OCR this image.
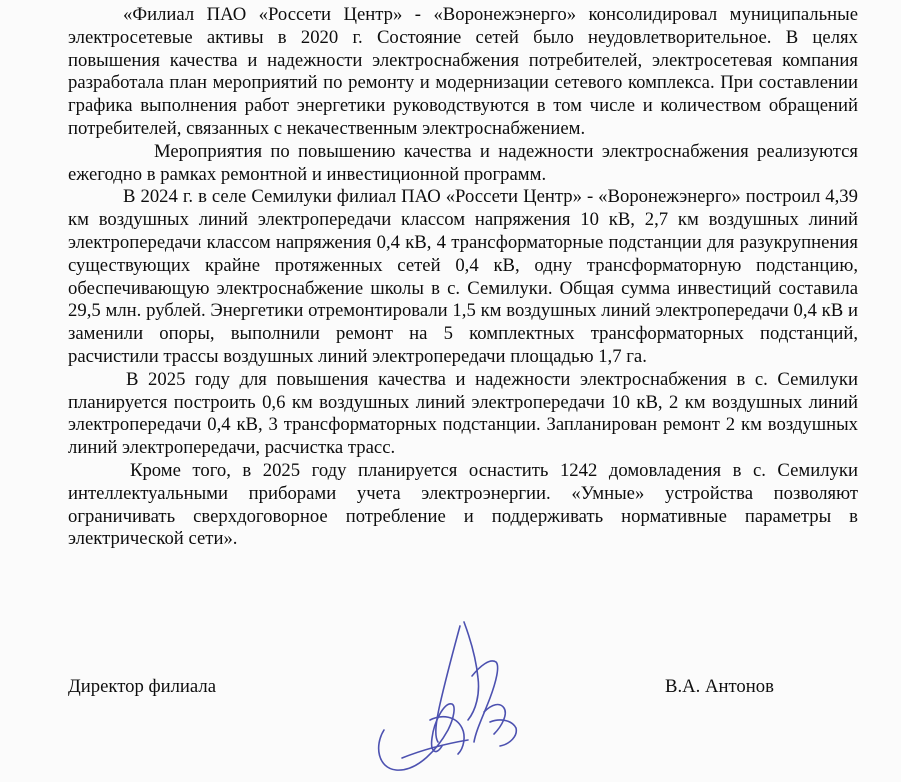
«Филиал ПАО «Россети Центр» - «Воронежэнерго» консолидировал муниципальные электросетевые активы в 2020 г. Состояние сетей было неудовлетворительное. В целях повышения качества и надежности электроснабжения потребителей, электросетевая компания разработала план мероприятий по ремонту и модернизации сетевого комплекса. При составлении графика выполнения работ энергетики руководствуются в том числе и количеством обращений потребителей, связанных с некачественным электроснабжением.

Мероприятия по повышению качества и надежности электроснабжения реализуются ежегодно в рамках ремонтной и инвестиционной программ.

В 2024 г. в селе Семилуки филиал ПАО «Россети Центр» - «Воронежэнерго» построил 4,39 км воздушных линий электропередачи классом напряжения 10 кВ, 2,7 км воздушных линий электропередачи классом напряжения 0,4 кВ, 4 трансформаторные подстанции для разукрупнения существующих крайне протяженных сетей 0,4 кВ, одну трансформаторную подстанцию, обеспечивающую электроснабжение школы в с. Семилуки. Общая сумма инвестиций составила 29,5 млн. рублей. Энергетики отремонтировали 1,5 км воздушных линий электропередачи 0,4 кВ и заменили опоры, выполнили ремонт на 5 комплектных трансформаторных подстанций, расчистили трассы воздушных линий электропередачи площадью 1,7 га.

В 2025 году для повышения качества и надежности электроснабжения в с. Семилуки планируется построить 0,6 км воздушных линий электропередачи 10 кВ, 2 км воздушных линий электропередачи 0,4 кВ, 3 трансформаторных подстанции. Запланирован ремонт 2 км воздушных линий электропередачи, расчистка трасс.

Кроме того, в 2025 году планируется оснастить 1242 домовладения в с. Семилуки интеллектуальными приборами учета электроэнергии. «Умные» устройства позволяют ограничивать сверхдоговорное потребление и поддерживать нормативные параметры в электрической сети».

Директор филиала	В.А. Антонов
